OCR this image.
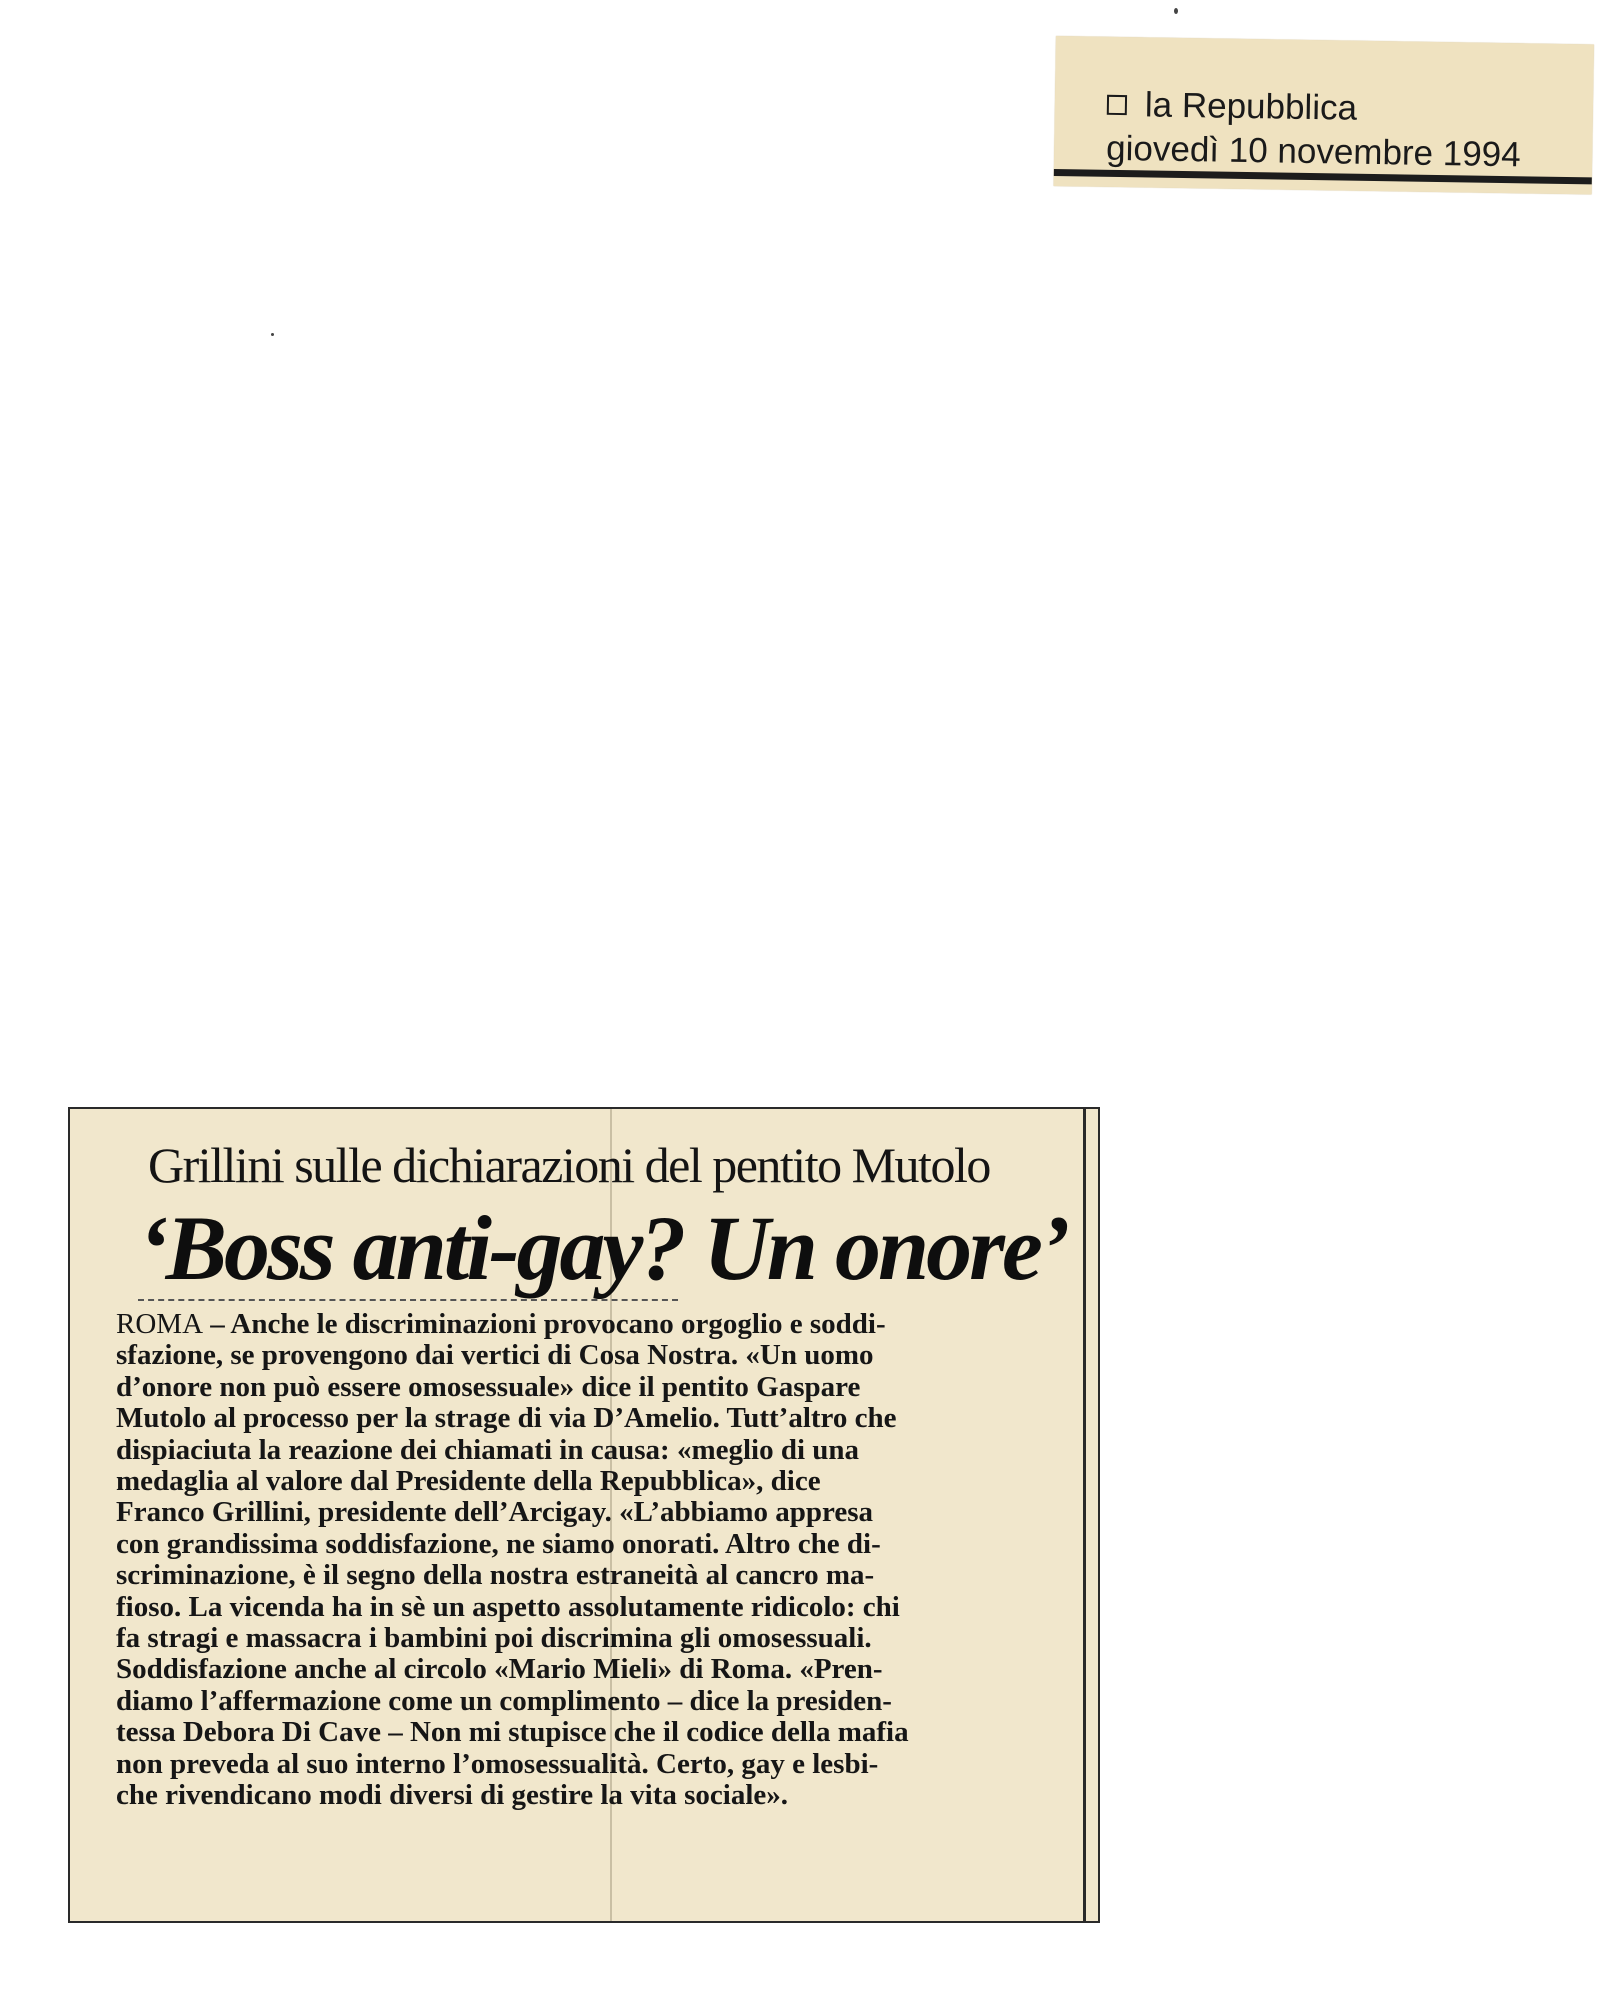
la Repubblica
giovedì 10 novembre 1994
Grillini sulle dichiarazioni del pentito Mutolo
‘Boss anti-gay? Un onore’
ROMA – Anche le discriminazioni provocano orgoglio e soddi-
sfazione, se provengono dai vertici di Cosa Nostra. «Un uomo
d’onore non può essere omosessuale» dice il pentito Gaspare
Mutolo al processo per la strage di via D’Amelio. Tutt’altro che
dispiaciuta la reazione dei chiamati in causa: «meglio di una
medaglia al valore dal Presidente della Repubblica», dice
Franco Grillini, presidente dell’Arcigay. «L’abbiamo appresa
con grandissima soddisfazione, ne siamo onorati. Altro che di-
scriminazione, è il segno della nostra estraneità al cancro ma-
fioso. La vicenda ha in sè un aspetto assolutamente ridicolo: chi
fa stragi e massacra i bambini poi discrimina gli omosessuali.
Soddisfazione anche al circolo «Mario Mieli» di Roma. «Pren-
diamo l’affermazione come un complimento – dice la presiden-
tessa Debora Di Cave – Non mi stupisce che il codice della mafia
non preveda al suo interno l’omosessualità. Certo, gay e lesbi-
che rivendicano modi diversi di gestire la vita sociale».
